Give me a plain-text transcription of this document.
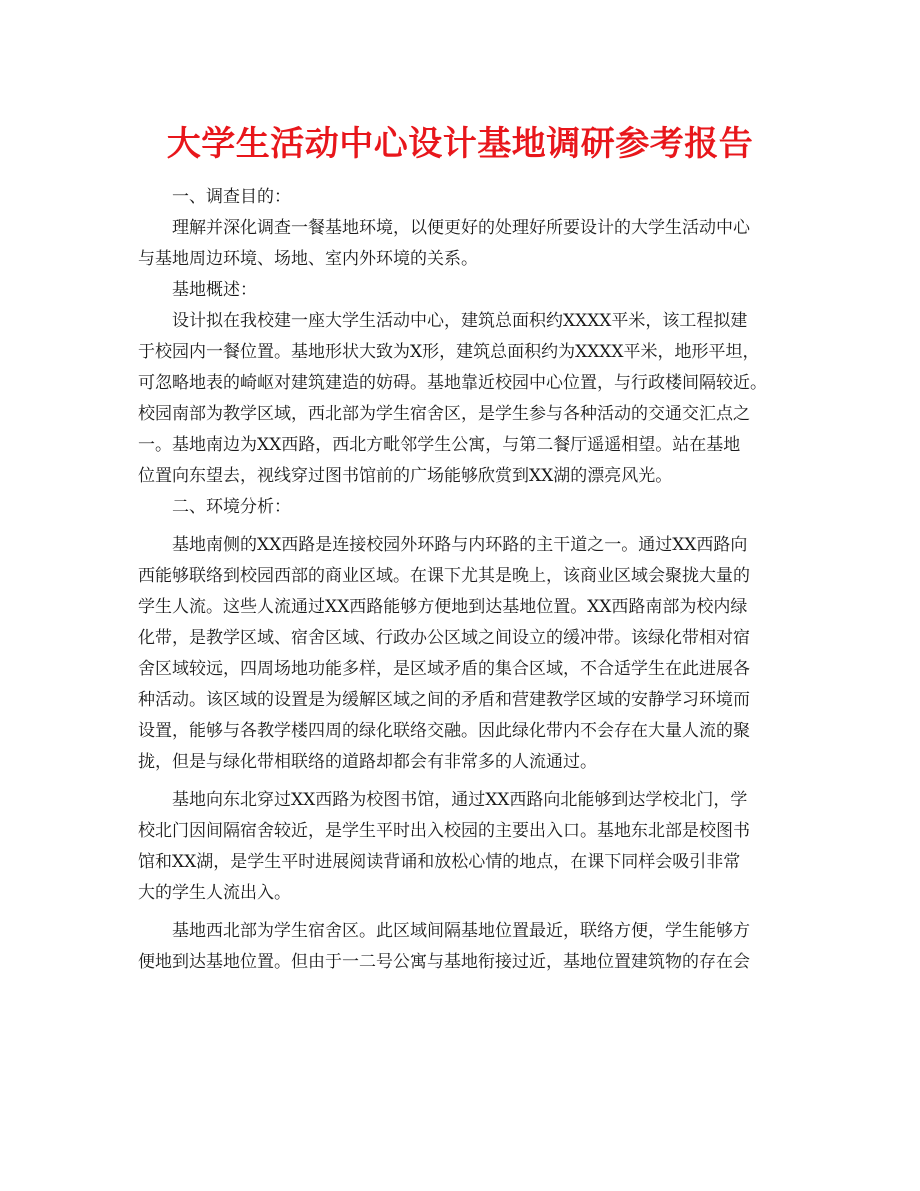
大学生活动中心设计基地调研参考报告
一、调查目的：
理解并深化调查一餐基地环境，以便更好的处理好所要设计的大学生活动中心
与基地周边环境、场地、室内外环境的关系。
基地概述：
设计拟在我校建一座大学生活动中心，建筑总面积约XXXX平米，该工程拟建
于校园内一餐位置。基地形状大致为X形，建筑总面积约为XXXX平米，地形平坦，
可忽略地表的崎岖对建筑建造的妨碍。基地靠近校园中心位置，与行政楼间隔较近。
校园南部为教学区域，西北部为学生宿舍区，是学生参与各种活动的交通交汇点之
一。基地南边为XX西路，西北方毗邻学生公寓，与第二餐厅遥遥相望。站在基地
位置向东望去，视线穿过图书馆前的广场能够欣赏到XX湖的漂亮风光。
二、环境分析：
基地南侧的XX西路是连接校园外环路与内环路的主干道之一。通过XX西路向
西能够联络到校园西部的商业区域。在课下尤其是晚上，该商业区域会聚拢大量的
学生人流。这些人流通过XX西路能够方便地到达基地位置。XX西路南部为校内绿
化带，是教学区域、宿舍区域、行政办公区域之间设立的缓冲带。该绿化带相对宿
舍区域较远，四周场地功能多样，是区域矛盾的集合区域，不合适学生在此进展各
种活动。该区域的设置是为缓解区域之间的矛盾和营建教学区域的安静学习环境而
设置，能够与各教学楼四周的绿化联络交融。因此绿化带内不会存在大量人流的聚
拢，但是与绿化带相联络的道路却都会有非常多的人流通过。
基地向东北穿过XX西路为校图书馆，通过XX西路向北能够到达学校北门，学
校北门因间隔宿舍较近，是学生平时出入校园的主要出入口。基地东北部是校图书
馆和XX湖，是学生平时进展阅读背诵和放松心情的地点，在课下同样会吸引非常
大的学生人流出入。
基地西北部为学生宿舍区。此区域间隔基地位置最近，联络方便，学生能够方
便地到达基地位置。但由于一二号公寓与基地衔接过近，基地位置建筑物的存在会
